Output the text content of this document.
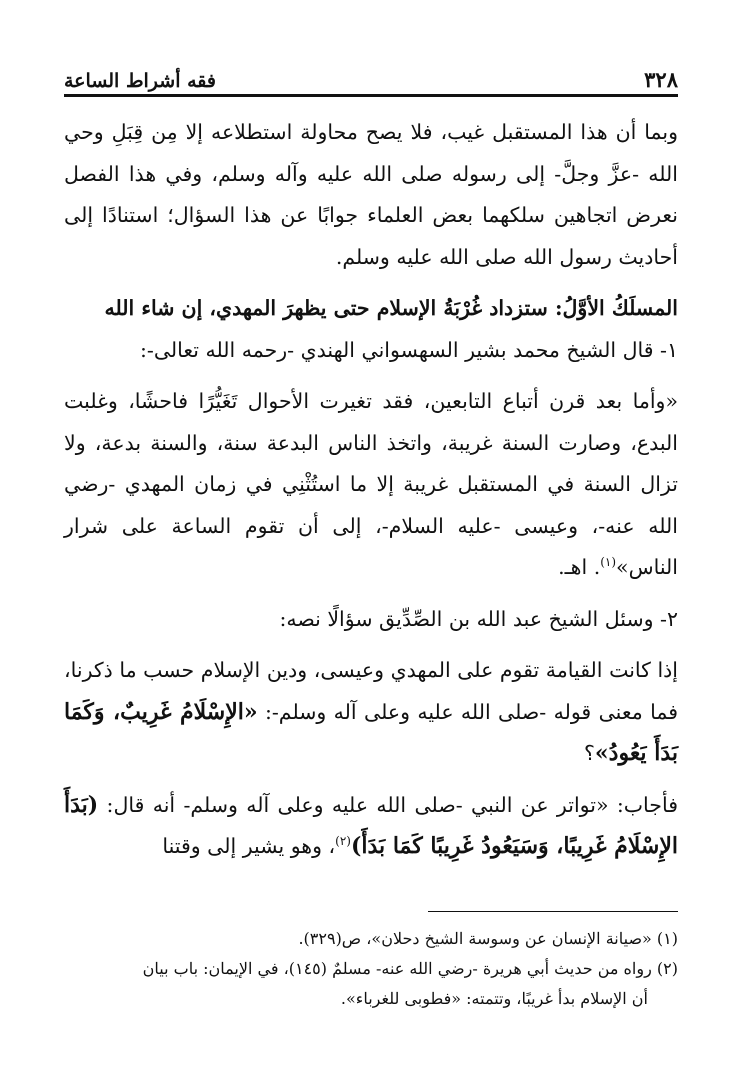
٣٢٨
فقه أشراط الساعة

وبما أن هذا المستقبل غيب، فلا يصح محاولة استطلاعه إلا مِن قِبَلِ وحي الله -عزَّ وجلَّ- إلى رسوله صلى الله عليه وآله وسلم، وفي هذا الفصل نعرض اتجاهين سلكهما بعض العلماء جوابًا عن هذا السؤال؛ استنادًا إلى أحاديث رسول الله صلى الله عليه وسلم.

المسلَكُ الأوَّلُ: ستزداد غُرْبَةُ الإسلام حتى يظهرَ المهدي، إن شاء الله

١- قال الشيخ محمد بشير السهسواني الهندي -رحمه الله تعالى-:

«وأما بعد قرن أتباع التابعين، فقد تغيرت الأحوال تَغَيُّرًا فاحشًا، وغلبت البدع، وصارت السنة غريبة، واتخذ الناس البدعة سنة، والسنة بدعة، ولا تزال السنة في المستقبل غريبة إلا ما استُثْنِي في زمان المهدي -رضي الله عنه-، وعيسى -عليه السلام-، إلى أن تقوم الساعة على شرار الناس»$^{(١)}$. اهـ.

٢- وسئل الشيخ عبد الله بن الصِّدِّيق سؤالًا نصه:

إذا كانت القيامة تقوم على المهدي وعيسى، ودين الإسلام حسب ما ذكرنا، فما معنى قوله -صلى الله عليه وعلى آله وسلم-: «الإِسْلَامُ غَرِيبٌ، وَكَمَا بَدَأَ يَعُودُ»؟

فأجاب: «تواتر عن النبي -صلى الله عليه وعلى آله وسلم- أنه قال: (بَدَأَ الإِسْلَامُ غَرِيبًا، وَسَيَعُودُ غَرِيبًا كَمَا بَدَأَ)$^{(٢)}$، وهو يشير إلى وقتنا

(١) «صيانة الإنسان عن وسوسة الشيخ دحلان»، ص(٣٢٩).

(٢) رواه من حديث أبي هريرة -رضي الله عنه- مسلمٌ (١٤٥)، في الإيمان: باب بيان

أن الإسلام بدأ غريبًا، وتتمته: «فطوبى للغرباء».
